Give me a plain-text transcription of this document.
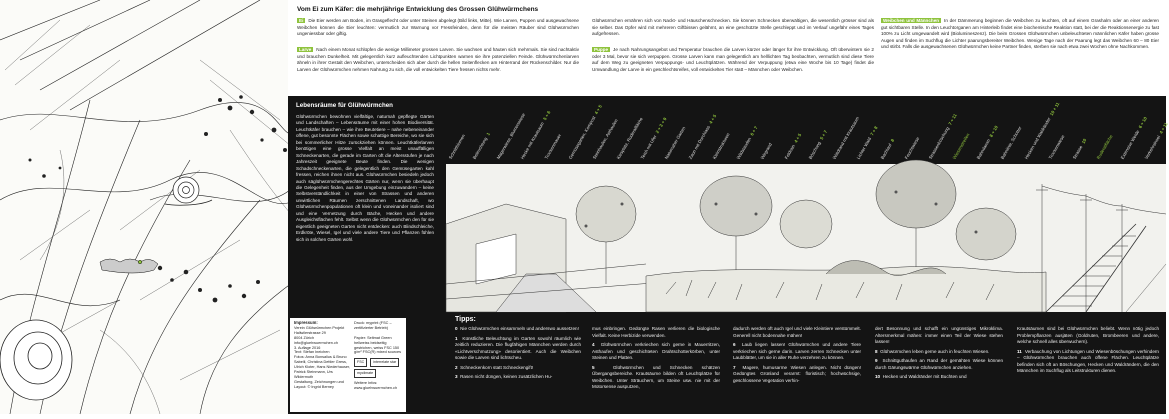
Vom Ei zum Käfer: die mehrjährige Entwicklung des Grossen Glühwürmchens
Ei Die Eier werden am Boden, im Grasgeflecht oder unter Steinen abgelegt (Bild links, Mitte). Wie Larven, Puppen und ausgewachsene Weibchen können die Eier leuchten: vermutlich zur Warnung vor Fressfeinden, denn für die meisten Räuber sind Glühwürmchen ungeniessbar oder giftig.
Larve Nach einem Monat schlüpfen die wenige Millimeter grossen Larven. Sie wachsen und häuten sich mehrmals. Sie sind nachtaktiv und brauchen Dunkelheit. Mit gelegentlich kurz aufleuchtenden Lichtpunkten warnen sie ihre potenziellen Feinde. Glühwürmchenlarven ähneln in ihrer Gestalt den Weibchen, unterscheiden sich aber durch die hellen Seitenflecken am Hinterrand der Rückenschilder. Nur die Larven der Glühwürmchen nehmen Nahrung zu sich, die voll entwickelten Tiere fressen nichts mehr.
Glühwürmchen ernähren sich von Nackt- und Häuschenschnecken. Sie können Schnecken überwältigen, die wesentlich grösser sind als sie selber. Das Opfer wird mit mehreren Giftbissen gelähmt, an eine geschützte Stelle geschleppt und im Verlauf ungefähr eines Tages aufgefressen.
Puppe Je nach Nahrungsangebot und Temperatur brauchen die Larven kürzer oder länger für ihre Entwicklung. Oft überwintern sie 2 oder 3 Mal, bevor sie sich verpuppen. Grosse Larven kann man gelegentlich am helllichten Tag beobachten, vermutlich sind diese Tiere auf dem Weg zu geeigneten Verpuppungs- und Leuchtplätzen. Während der Verpuppung (etwa eine Woche bis 10 Tage) findet die Umwandlung der Larve in ein geschlechtsreifes, voll entwickeltes Tier statt – Männchen oder Weibchen.
Weibchen und Männchen In der Dämmerung beginnen die Weibchen zu leuchten, oft auf einem Grashalm oder an einer anderen gut sichtbaren Stelle. In den Leuchtorganen am Hinterleib findet eine biochemische Reaktion statt, bei der die Reaktionsenergie zu fast 100% zu Licht umgewandelt wird (Biolumineszenz). Die beim Grossen Glühwürmchen unbeleuchteten männlichen Käfer haben grosse Augen und finden im Suchflug die Lichter paarungsbereiter Weibchen. Wenige Tage nach der Paarung legt das Weibchen 60 – 80 Eier und stirbt. Falls die ausgewachsenen Glühwürmchen keine Partner finden, sterben sie nach etwa zwei Wochen ohne Nachkommen.
Lebensräume für Glühwürmchen
Glühwürmchen bewohnen vielfältige, naturnah gepflegte Gärten und Landschaften – Lebensräume mit einer hohen Biodiversität. Leuchtkäfer brauchen – wie ihre Beutetiere – nahe nebeneinander offene, gut besonnte Flächen sowie schattige Bereiche, wo sie sich bei sommerlicher Hitze zurückziehen können. Leuchtkäferlarven benötigen eine grosse Vielfalt an meist unauffälligen Schneckenarten, die gerade im Garten oft die Altersstufen je nach Jahreszeit geeignete Beute finden. Die wenigen Schadschneckenarten, die gelegentlich den Gemüsegarten kahl fressen, reichen ihnen nicht aus. Glühwürmchen besiedeln jedoch auch säglühwürmchengerechtes Gärten nur, wenn sie überhaupt die Gelegenheit finden, aus der Umgebung einzuwandern – keine Selbstverständlichkeit in einer von Strassen und anderen unwirtlichen Räumen zerschnittenen Landschaft, wo Glühwürmchenpopulationen oft klein und voneinander isoliert sind und eine Vernetzung durch Bäche, Hecken und andere Ausgleichsflächen fehlt. Selbst wenn die Glühwürmchen den für sie eigentlich geeigneten Garten nicht entdecken: auch Blindschleiche, Erdkröte, Wiesel, Igel und viele andere Tiere und Pflanzen fühlen sich in solchen Gärten wohl.
Schnittblumen Beleuchtung1 Magerwiese, Blumenwiese
Hecke mit Krautsaum5 + 6
Trockenmauer Gemüsegarten, Kompost4 + 5
Steinhaufen, Asthaufen
Kiesplatz, Ruderalfläche
Teich mit Ufer2 + 3 + 9
Naturnaher Garten Zaun mit Durchlass4 + 5
Kleinstrukturen Wildstauden6 + 7
Wegrand Feldrain4 + 5
Böschung5 + 7 Waldrand mit Krautsaum
Lichter Wald7 + 8
Bachlauf8 Feuchtwiese Strassenböschung7 + 11
Wiesenstreifen Bahndamm8 + 10 Bahnlinie, Schotter Hecken und Waldränder10 + 11
Trockenwiese Strasse10 Ruderalfläche Extensive Weide6 + 10
Verkehrsinsel4 + 11
Impressum:
Verein Glühwürmchen Projekt
Hallwilerstrasse 29
8004 Zürich
info@gluehwuermchen.ch
3. Auflage 2016
Text: Stefan Ineichen
Fotos: Anna Bonsalius & Bruno Sabelli, Christina Dettler Gress, Ulrich Kloter, Hans Niederhauser, Patrick Steinmann, Urs Wildermuth
Gestaltung, Zeichnungen und Layout: © Ingrid Berney
Druck: myprint (FSC – zertifizierter Betrieb)

Papier: Seltmat Green hellweiss beidseitig gestrichen, weiss FSC 150 g/m² FSC(R) mixed sources

FSC	interrelate star
myclimate
Weitere Infos: www.gluehwuermchen.ch
Tipps:
0  Nie Glühwürmchen einsammeln und anderswo aussetzen!
1  Künstliche Beleuchtung im Garten sowohl räumlich wie zeitlich reduzieren. Die flugfähigen Männchen werden durch «Lichtverschmutzung» desorientiert. Auch die Weibchen sowie die Larven sind lichtscheu.
2  Schneckenkorn statt Schneckengift!
3  Rasen nicht düngen, keinen zusätzlichen Hu-
mus einbringen. Gedüngte Rasen verlieren die biologische Vielfalt. Keine Herbizide verwenden.
4  Glühwürmchen verkriechen sich gerne in Mauerritzen, Asthaufen und geschichteten Drahtschotterkörben, unter Steinen und Platten.
5  Glühwürmchen und Schnecken schätzen Übergangsbereiche. Krautsäume bilden oft Leuchtplätze für Weibchen. Unter Sträuchern, um Steine usw. nie mit der Motorsense ausputzen,
dadurch werden oft auch Igel und viele Kleintiere verstümmelt. Generell nicht bodennahe mähen!
6  Laub liegen lassen! Glühwürmchen und andere Tiere verkriechen sich gerne darin. Larven zerren Schnecken unter Laubblätter, um sie in aller Ruhe verzehren zu können.
7  Magere, humusarme Wiesen anlegen. Nicht düngen! Gedüngtes Grünland verarmt: floristisch; hochwüchsige, geschlossene Vegetation verhin-
dert Besonnung und schafft ein ungünstiges Mikroklima. Altersmerkmal mähen: immer einen Teil der Wiese stehen lassen!
8  Glühwürmchen leben gerne auch in feuchten Wiesen.
9  Schnittguthaufen an Rand der gemähten Wiese können durch Gärungswärme Glühwürmchen anziehen.
10  Hecken und Waldränder mit Buchten und
Krautsäumen sind bei Glühwürmchen beliebt. Wenn nötig jedoch Problempflanzen ausjäten (Goldruten, Brombeeren und andere, welche schnell alles überwuchern).
11  Verbauchung von Lichtungen und Wiesenböschungen verhindern – Glühwürmchen brauchen auch offene Flächen. Leuchtplätze befinden sich oft an Böschungen, Hecken und Waldrändern, die den Männchen im Suchflug als Leitstrukturen dienen.
